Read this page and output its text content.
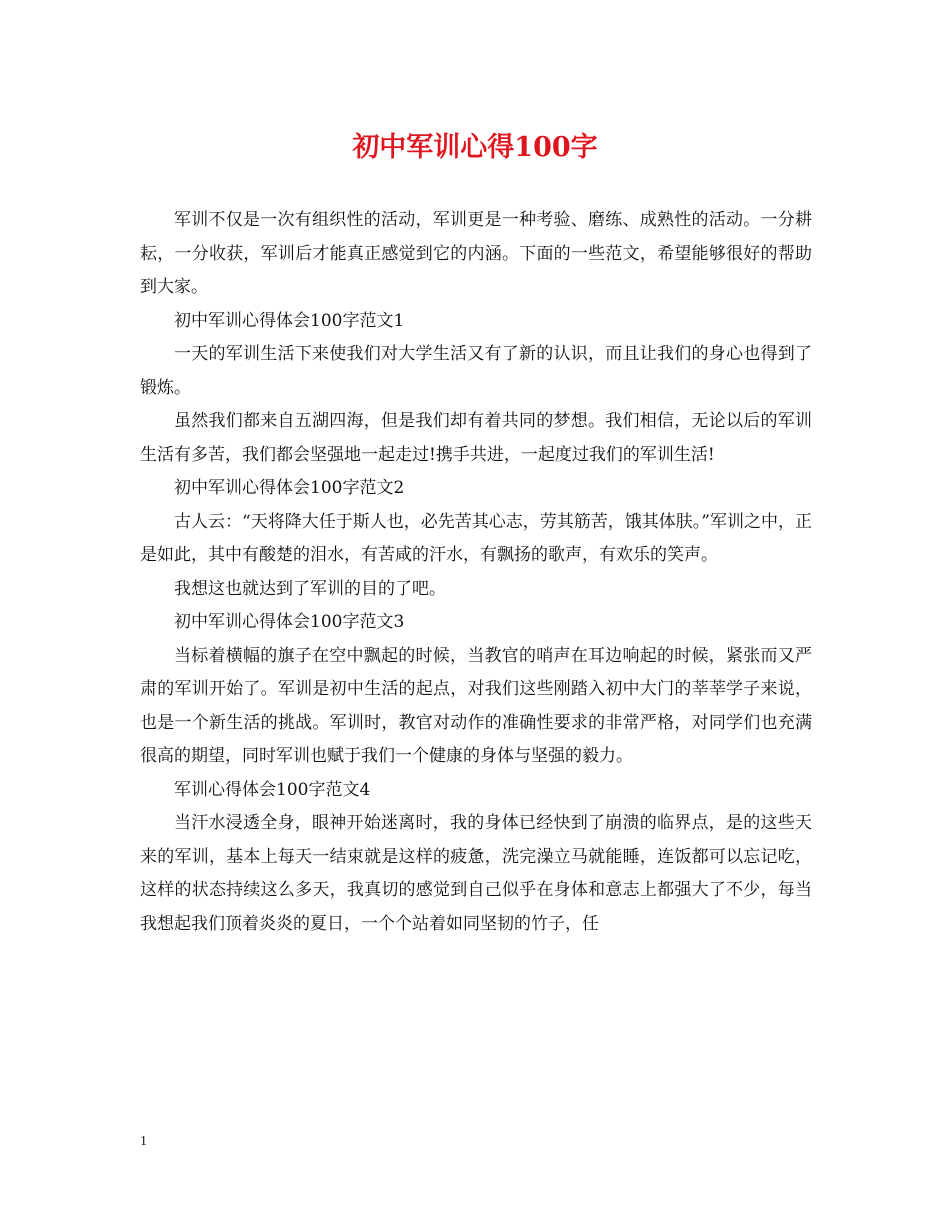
初中军训心得100字

军训不仅是一次有组织性的活动，军训更是一种考验、磨练、成熟性的活动。一分耕耘，一分收获，军训后才能真正感觉到它的内涵。下面的一些范文，希望能够很好的帮助到大家。

初中军训心得体会100字范文1

一天的军训生活下来使我们对大学生活又有了新的认识，而且让我们的身心也得到了锻炼。

虽然我们都来自五湖四海，但是我们却有着共同的梦想。我们相信，无论以后的军训生活有多苦，我们都会坚强地一起走过!携手共进，一起度过我们的军训生活!

初中军训心得体会100字范文2

古人云：“天将降大任于斯人也，必先苦其心志，劳其筋苦，饿其体肤。”军训之中，正是如此，其中有酸楚的泪水，有苦咸的汗水，有飘扬的歌声，有欢乐的笑声。

我想这也就达到了军训的目的了吧。

初中军训心得体会100字范文3

当标着横幅的旗子在空中飘起的时候，当教官的哨声在耳边响起的时候，紧张而又严肃的军训开始了。军训是初中生活的起点，对我们这些刚踏入初中大门的莘莘学子来说，也是一个新生活的挑战。军训时，教官对动作的准确性要求的非常严格，对同学们也充满很高的期望，同时军训也赋于我们一个健康的身体与坚强的毅力。

军训心得体会100字范文4

当汗水浸透全身，眼神开始迷离时，我的身体已经快到了崩溃的临界点，是的这些天来的军训，基本上每天一结束就是这样的疲惫，洗完澡立马就能睡，连饭都可以忘记吃，这样的状态持续这么多天，我真切的感觉到自己似乎在身体和意志上都强大了不少，每当我想起我们顶着炎炎的夏日，一个个站着如同坚韧的竹子，任

1
